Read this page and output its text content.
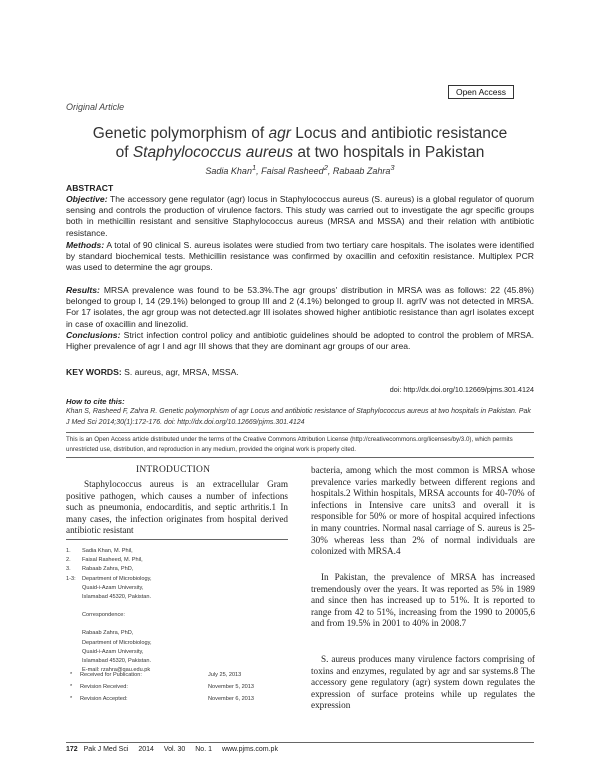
Open Access
Original Article
Genetic polymorphism of agr Locus and antibiotic resistance
of Staphylococcus aureus at two hospitals in Pakistan
Sadia Khan$^1$, Faisal Rasheed$^2$, Rabaab Zahra$^3$
ABSTRACT

Objective: The accessory gene regulator (agr) locus in Staphylococcus aureus (S. aureus) is a global regulator of quorum sensing and controls the production of virulence factors. This study was carried out to investigate the agr specific groups both in methicillin resistant and sensitive Staphylococcus aureus (MRSA and MSSA) and their relation with antibiotic resistance.

Methods: A total of 90 clinical S. aureus isolates were studied from two tertiary care hospitals. The isolates were identified by standard biochemical tests. Methicillin resistance was confirmed by oxacillin and cefoxitin resistance. Multiplex PCR was used to determine the agr groups.

Results: MRSA prevalence was found to be 53.3%.The agr groups' distribution in MRSA was as follows: 22 (45.8%) belonged to group I, 14 (29.1%) belonged to group III and 2 (4.1%) belonged to group II. agrIV was not detected in MRSA. For 17 isolates, the agr group was not detected.agr III isolates showed higher antibiotic resistance than agrI isolates except in case of oxacillin and linezolid.

Conclusions: Strict infection control policy and antibiotic guidelines should be adopted to control the problem of MRSA. Higher prevalence of agr I and agr III shows that they are dominant agr groups of our area.

KEY WORDS: S. aureus, agr, MRSA, MSSA.
doi: http://dx.doi.org/10.12669/pjms.301.4124
How to cite this:
Khan S, Rasheed F, Zahra R. Genetic polymorphism of agr Locus and antibiotic resistance of Staphylococcus aureus at two hospitals in Pakistan. Pak J Med Sci 2014;30(1):172-176. doi: http://dx.doi.org/10.12669/pjms.301.4124
This is an Open Access article distributed under the terms of the Creative Commons Attribution License (http://creativecommons.org/licenses/by/3.0), which permits unrestricted use, distribution, and reproduction in any medium, provided the original work is properly cited.
INTRODUCTION

Staphylococcus aureus is an extracellular Gram positive pathogen, which causes a number of infections such as pneumonia, endocarditis, and septic arthritis.1 In many cases, the infection originates from hospital derived antibiotic resistant

1.	Sadia Khan, M. Phil,
2.	Faisal Rasheed, M. Phil,
3.	Rabaab Zahra, PhD,
1-3:	Department of Microbiology,
Quaid-i-Azam University,
Islamabad 45320, Pakistan.
Correspondence:
Rabaab Zahra, PhD,
Department of Microbiology,
Quaid-i-Azam University,
Islamabad 45320, Pakistan.
E-mail: rzahra@qau.edu.pk
*	Received for Publication:	July 25, 2013
*	Revision Received:	November 5, 2013
*	Revision Accepted:	November 6, 2013

bacteria, among which the most common is MRSA whose prevalence varies markedly between different regions and hospitals.2 Within hospitals, MRSA accounts for 40-70% of infections in Intensive care units3 and overall it is responsible for 50% or more of hospital acquired infections in many countries. Normal nasal carriage of S. aureus is 25-30% whereas less than 2% of normal individuals are colonized with MRSA.4

In Pakistan, the prevalence of MRSA has increased tremendously over the years. It was reported as 5% in 1989 and since then has increased up to 51%. It is reported to range from 42 to 51%, increasing from the 1990 to 20005,6 and from 19.5% in 2001 to 40% in 2008.7

S. aureus produces many virulence factors comprising of toxins and enzymes, regulated by agr and sar systems.8 The accessory gene regulatory (agr) system down regulates the expression of surface proteins while up regulates the expression

172 Pak J Med Sci 2014 Vol. 30 No. 1 www.pjms.com.pk
